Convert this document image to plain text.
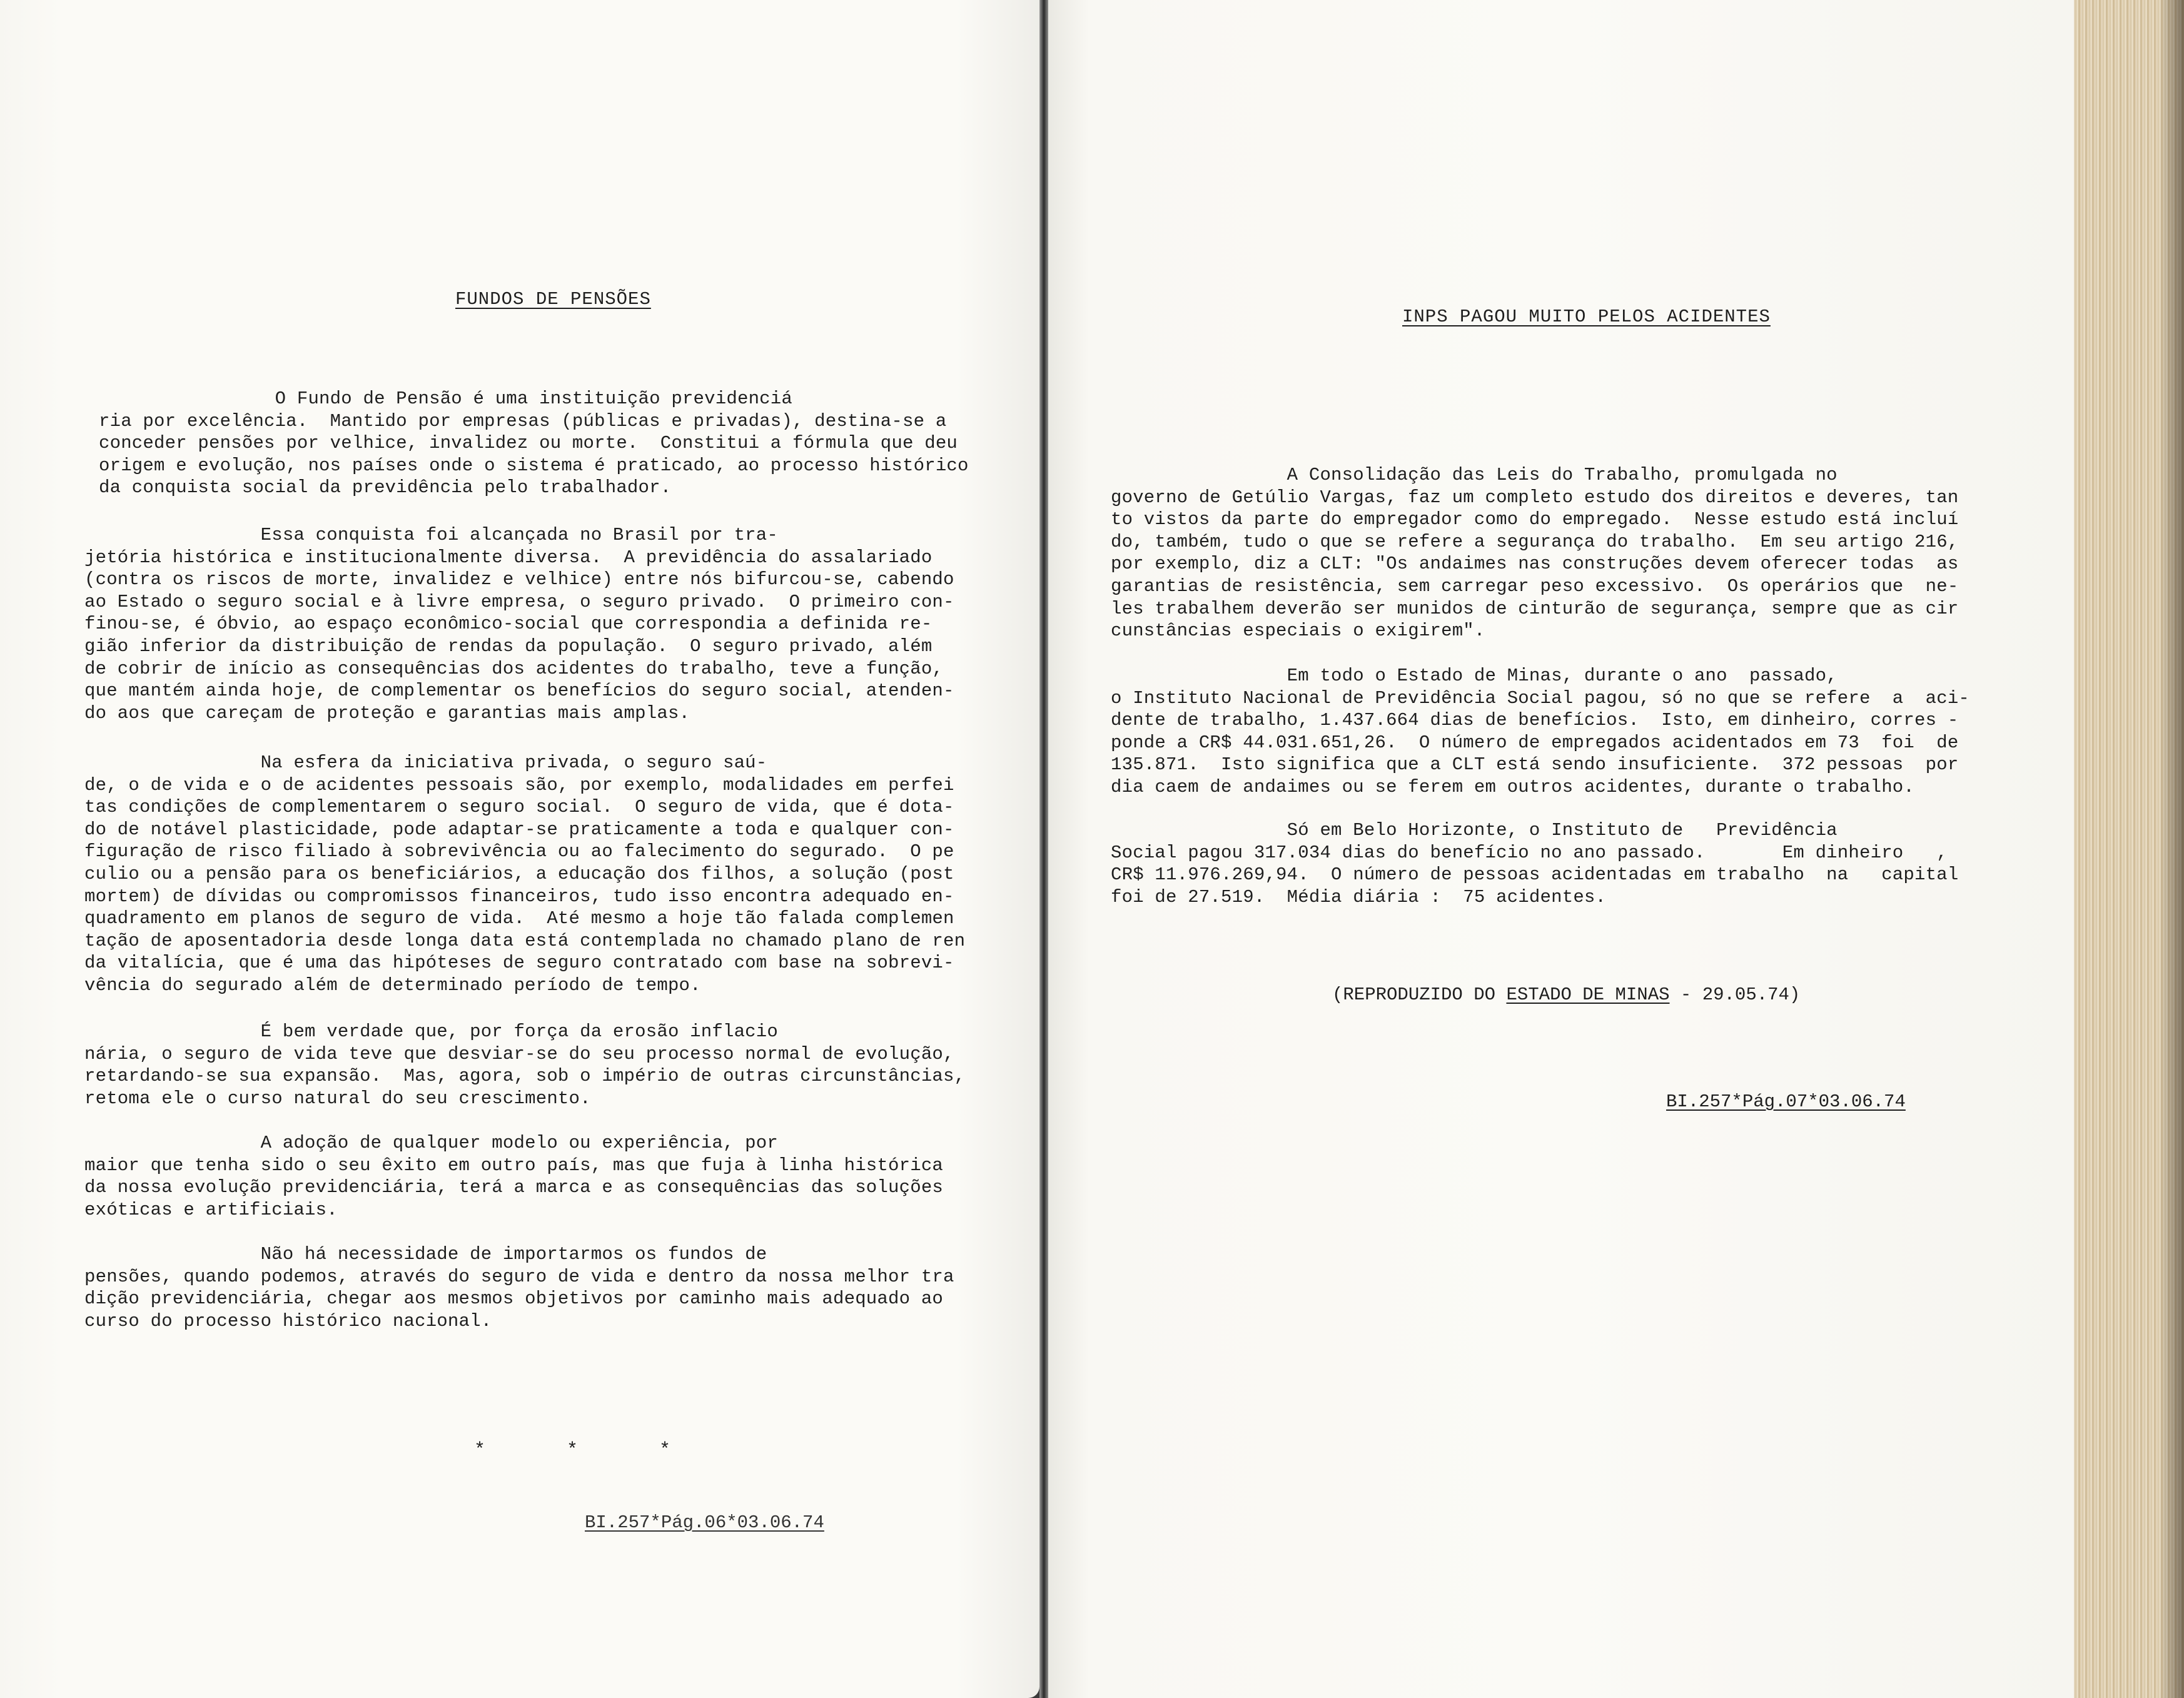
FUNDOS DE PENSÕES

O Fundo de Pensão é uma instituição previdenciá
ria por excelência.  Mantido por empresas (públicas e privadas), destina-se a
conceder pensões por velhice, invalidez ou morte.  Constitui a fórmula que deu
origem e evolução, nos países onde o sistema é praticado, ao processo histórico
da conquista social da previdência pelo trabalhador.

Essa conquista foi alcançada no Brasil por tra-
jetória histórica e institucionalmente diversa.  A previdência do assalariado
(contra os riscos de morte, invalidez e velhice) entre nós bifurcou-se, cabendo
ao Estado o seguro social e à livre empresa, o seguro privado.  O primeiro con-
finou-se, é óbvio, ao espaço econômico-social que correspondia a definida re-
gião inferior da distribuição de rendas da população.  O seguro privado, além
de cobrir de início as consequências dos acidentes do trabalho, teve a função,
que mantém ainda hoje, de complementar os benefícios do seguro social, atenden-
do aos que careçam de proteção e garantias mais amplas.

Na esfera da iniciativa privada, o seguro saú-
de, o de vida e o de acidentes pessoais são, por exemplo, modalidades em perfei
tas condições de complementarem o seguro social.  O seguro de vida, que é dota-
do de notável plasticidade, pode adaptar-se praticamente a toda e qualquer con-
figuração de risco filiado à sobrevivência ou ao falecimento do segurado.  O pe
culio ou a pensão para os beneficiários, a educação dos filhos, a solução (post
mortem) de dívidas ou compromissos financeiros, tudo isso encontra adequado en-
quadramento em planos de seguro de vida.  Até mesmo a hoje tão falada complemen
tação de aposentadoria desde longa data está contemplada no chamado plano de ren
da vitalícia, que é uma das hipóteses de seguro contratado com base na sobrevi-
vência do segurado além de determinado período de tempo.

É bem verdade que, por força da erosão inflacio
nária, o seguro de vida teve que desviar-se do seu processo normal de evolução,
retardando-se sua expansão.  Mas, agora, sob o império de outras circunstâncias,
retoma ele o curso natural do seu crescimento.

A adoção de qualquer modelo ou experiência, por
maior que tenha sido o seu êxito em outro país, mas que fuja à linha histórica
da nossa evolução previdenciária, terá a marca e as consequências das soluções
exóticas e artificiais.

Não há necessidade de importarmos os fundos de
pensões, quando podemos, através do seguro de vida e dentro da nossa melhor tra
dição previdenciária, chegar aos mesmos objetivos por caminho mais adequado ao
curso do processo histórico nacional.

* * *
BI.257*Pág.06*03.06.74
INPS PAGOU MUITO PELOS ACIDENTES

A Consolidação das Leis do Trabalho, promulgada no
governo de Getúlio Vargas, faz um completo estudo dos direitos e deveres, tan
to vistos da parte do empregador como do empregado.  Nesse estudo está incluí
do, também, tudo o que se refere a segurança do trabalho.  Em seu artigo 216,
por exemplo, diz a CLT: "Os andaimes nas construções devem oferecer todas  as
garantias de resistência, sem carregar peso excessivo.  Os operários que  ne-
les trabalhem deverão ser munidos de cinturão de segurança, sempre que as cir
cunstâncias especiais o exigirem".

Em todo o Estado de Minas, durante o ano  passado,
o Instituto Nacional de Previdência Social pagou, só no que se refere  a  aci-
dente de trabalho, 1.437.664 dias de benefícios.  Isto, em dinheiro, corres -
ponde a CR$ 44.031.651,26.  O número de empregados acidentados em 73  foi  de
135.871.  Isto significa que a CLT está sendo insuficiente.  372 pessoas  por
dia caem de andaimes ou se ferem em outros acidentes, durante o trabalho.

Só em Belo Horizonte, o Instituto de   Previdência
Social pagou 317.034 dias do benefício no ano passado.       Em dinheiro   ,
CR$ 11.976.269,94.  O número de pessoas acidentadas em trabalho  na   capital
foi de 27.519.  Média diária :  75 acidentes.

(REPRODUZIDO DO ESTADO DE MINAS - 29.05.74)
BI.257*Pág.07*03.06.74
